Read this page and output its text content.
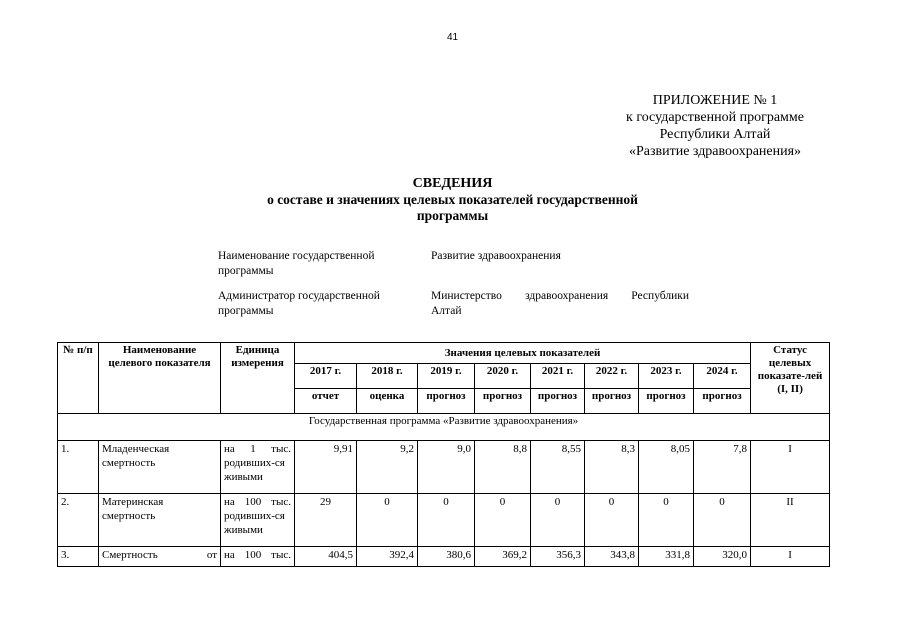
41
ПРИЛОЖЕНИЕ № 1
к государственной программе
Республики Алтай
«Развитие здравоохранения»
СВЕДЕНИЯ
о составе и значениях целевых показателей государственной
программы
Наименование государственной
программы
Развитие здравоохранения
Администратор государственной
программы
Министерство здравоохранения Республики
Алтай
№ п/п	Наименование целевого показателя	Единица измерения	Значения целевых показателей								Статус целевых показате-лей (I, II)
			2017 г.	2018 г.	2019 г.	2020 г.	2021 г.	2022 г.	2023 г.	2024 г.	
			отчет	оценка	прогноз	прогноз	прогноз	прогноз	прогноз	прогноз	
Государственная программа «Развитие здравоохранения»											
1.	Младенческая смертность	на 1 тыс. родивших-ся живыми	9,91	9,2	9,0	8,8	8,55	8,3	8,05	7,8	I
2.	Материнская смертность	на 100 тыс. родивших-ся живыми	29	0	0	0	0	0	0	0	II
3.	Смертность от	на 100 тыс.	404,5	392,4	380,6	369,2	356,3	343,8	331,8	320,0	I
